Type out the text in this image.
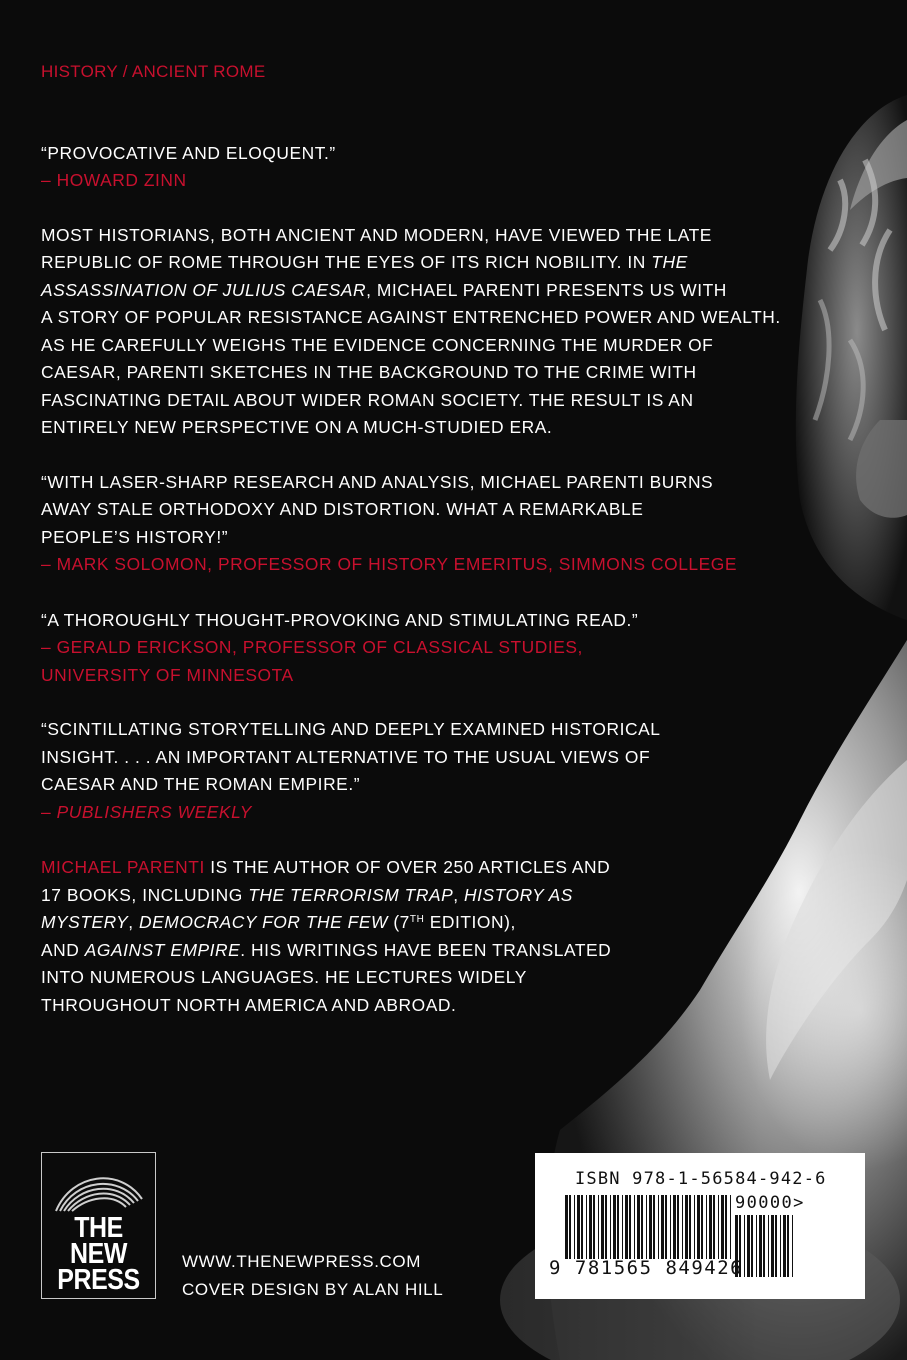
HISTORY / ANCIENT ROME

“PROVOCATIVE AND ELOQUENT.”

– HOWARD ZINN

MOST HISTORIANS, BOTH ANCIENT AND MODERN, HAVE VIEWED THE LATE

REPUBLIC OF ROME THROUGH THE EYES OF ITS RICH NOBILITY. IN THE

ASSASSINATION OF JULIUS CAESAR, MICHAEL PARENTI PRESENTS US WITH

A STORY OF POPULAR RESISTANCE AGAINST ENTRENCHED POWER AND WEALTH.

AS HE CAREFULLY WEIGHS THE EVIDENCE CONCERNING THE MURDER OF

CAESAR, PARENTI SKETCHES IN THE BACKGROUND TO THE CRIME WITH

FASCINATING DETAIL ABOUT WIDER ROMAN SOCIETY. THE RESULT IS AN

ENTIRELY NEW PERSPECTIVE ON A MUCH-STUDIED ERA.

“WITH LASER-SHARP RESEARCH AND ANALYSIS, MICHAEL PARENTI BURNS

AWAY STALE ORTHODOXY AND DISTORTION. WHAT A REMARKABLE

PEOPLE’S HISTORY!”

– MARK SOLOMON, PROFESSOR OF HISTORY EMERITUS, SIMMONS COLLEGE

“A THOROUGHLY THOUGHT-PROVOKING AND STIMULATING READ.”

– GERALD ERICKSON, PROFESSOR OF CLASSICAL STUDIES,

UNIVERSITY OF MINNESOTA

“SCINTILLATING STORYTELLING AND DEEPLY EXAMINED HISTORICAL

INSIGHT. . . . AN IMPORTANT ALTERNATIVE TO THE USUAL VIEWS OF

CAESAR AND THE ROMAN EMPIRE.”

– PUBLISHERS WEEKLY

MICHAEL PARENTI IS THE AUTHOR OF OVER 250 ARTICLES AND

17 BOOKS, INCLUDING THE TERRORISM TRAP, HISTORY AS

MYSTERY, DEMOCRACY FOR THE FEW (7TH EDITION),

AND AGAINST EMPIRE. HIS WRITINGS HAVE BEEN TRANSLATED

INTO NUMEROUS LANGUAGES. HE LECTURES WIDELY

THROUGHOUT NORTH AMERICA AND ABROAD.

THE
NEW
PRESS

WWW.THENEWPRESS.COM

COVER DESIGN BY ALAN HILL

ISBN 978-1-56584-942-6

90000>

9 781565 849426
